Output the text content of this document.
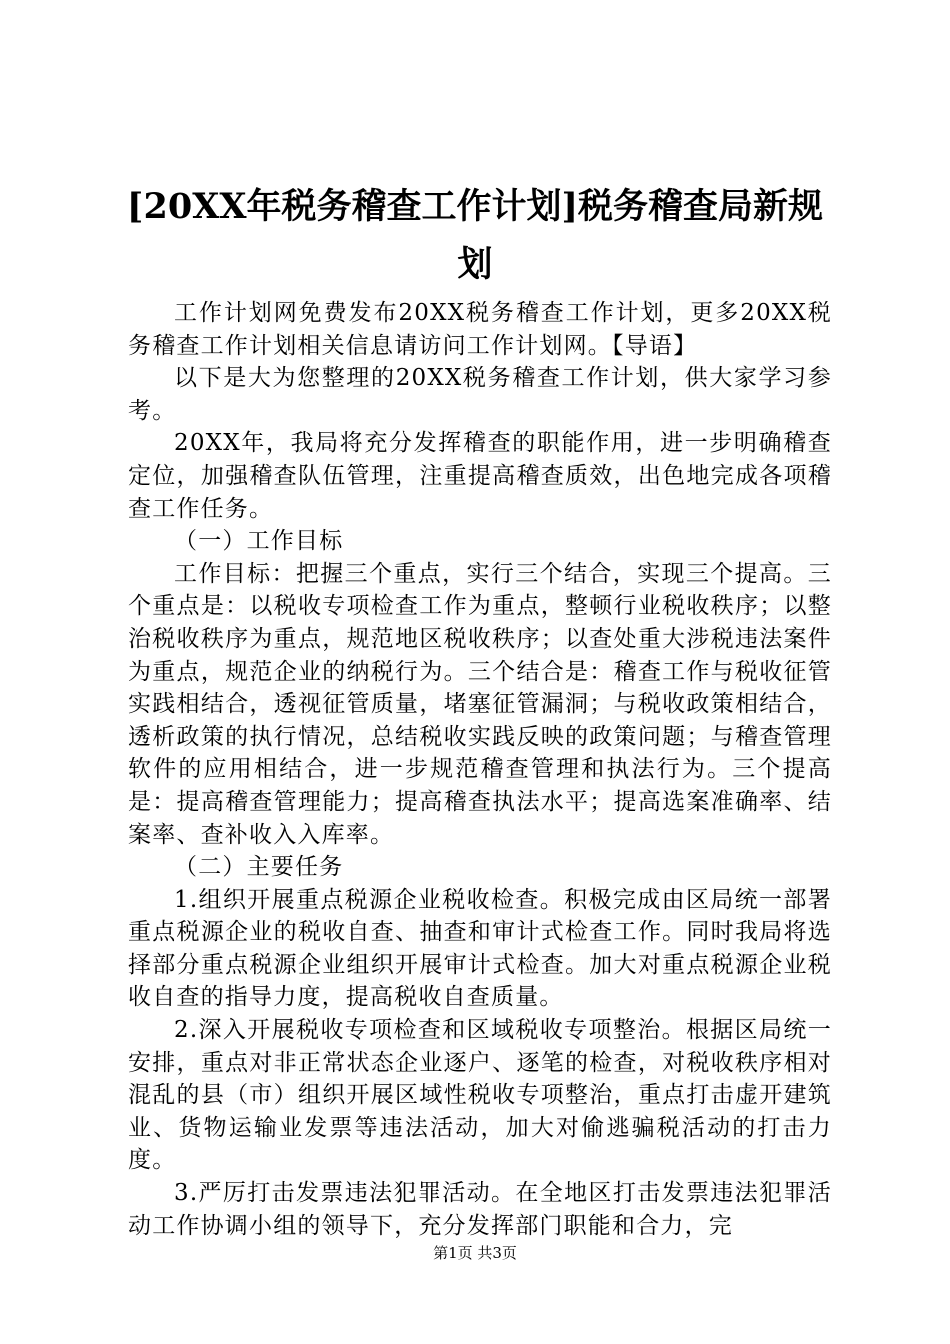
[20XX年税务稽查工作计划]税务稽查局新规划

工作计划网免费发布20XX税务稽查工作计划，更多20XX税务稽查工作计划相关信息请访问工作计划网。【导语】

以下是大为您整理的20XX税务稽查工作计划，供大家学习参考。

20XX年，我局将充分发挥稽查的职能作用，进一步明确稽查定位，加强稽查队伍管理，注重提高稽查质效，出色地完成各项稽查工作任务。

（一）工作目标

工作目标：把握三个重点，实行三个结合，实现三个提高。三个重点是：以税收专项检查工作为重点，整顿行业税收秩序；以整治税收秩序为重点，规范地区税收秩序；以查处重大涉税违法案件为重点，规范企业的纳税行为。三个结合是：稽查工作与税收征管实践相结合，透视征管质量，堵塞征管漏洞；与税收政策相结合，透析政策的执行情况，总结税收实践反映的政策问题；与稽查管理软件的应用相结合，进一步规范稽查管理和执法行为。三个提高是：提高稽查管理能力；提高稽查执法水平；提高选案准确率、结案率、查补收入入库率。

（二）主要任务

1.组织开展重点税源企业税收检查。积极完成由区局统一部署重点税源企业的税收自查、抽查和审计式检查工作。同时我局将选择部分重点税源企业组织开展审计式检查。加大对重点税源企业税收自查的指导力度，提高税收自查质量。

2.深入开展税收专项检查和区域税收专项整治。根据区局统一安排，重点对非正常状态企业逐户、逐笔的检查，对税收秩序相对混乱的县（市）组织开展区域性税收专项整治，重点打击虚开建筑业、货物运输业发票等违法活动，加大对偷逃骗税活动的打击力度。

3.严厉打击发票违法犯罪活动。在全地区打击发票违法犯罪活动工作协调小组的领导下，充分发挥部门职能和合力，完

第1页 共3页
